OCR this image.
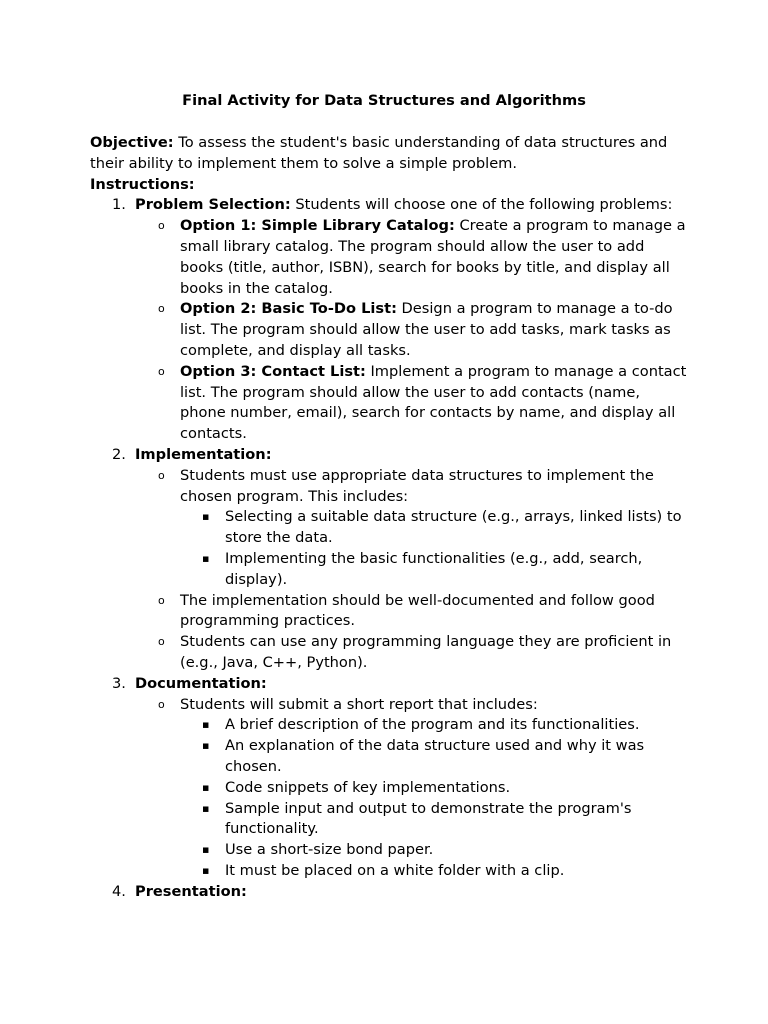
Final Activity for Data Structures and Algorithms

Objective: To assess the student's basic understanding of data structures and their ability to implement them to solve a simple problem.

Instructions:

1. Problem Selection: Students will choose one of the following problems:
o Option 1: Simple Library Catalog: Create a program to manage a small library catalog. The program should allow the user to add books (title, author, ISBN), search for books by title, and display all books in the catalog.
o Option 2: Basic To-Do List: Design a program to manage a to-do list. The program should allow the user to add tasks, mark tasks as complete, and display all tasks.
o Option 3: Contact List: Implement a program to manage a contact list. The program should allow the user to add contacts (name, phone number, email), search for contacts by name, and display all contacts.
2. Implementation:
o Students must use appropriate data structures to implement the chosen program. This includes:
▪ Selecting a suitable data structure (e.g., arrays, linked lists) to store the data.
▪ Implementing the basic functionalities (e.g., add, search, display).
o The implementation should be well-documented and follow good programming practices.
o Students can use any programming language they are proficient in (e.g., Java, C++, Python).
3. Documentation:
o Students will submit a short report that includes:
▪ A brief description of the program and its functionalities.
▪ An explanation of the data structure used and why it was chosen.
▪ Code snippets of key implementations.
▪ Sample input and output to demonstrate the program's functionality.
▪ Use a short-size bond paper.
▪ It must be placed on a white folder with a clip.
4. Presentation:
